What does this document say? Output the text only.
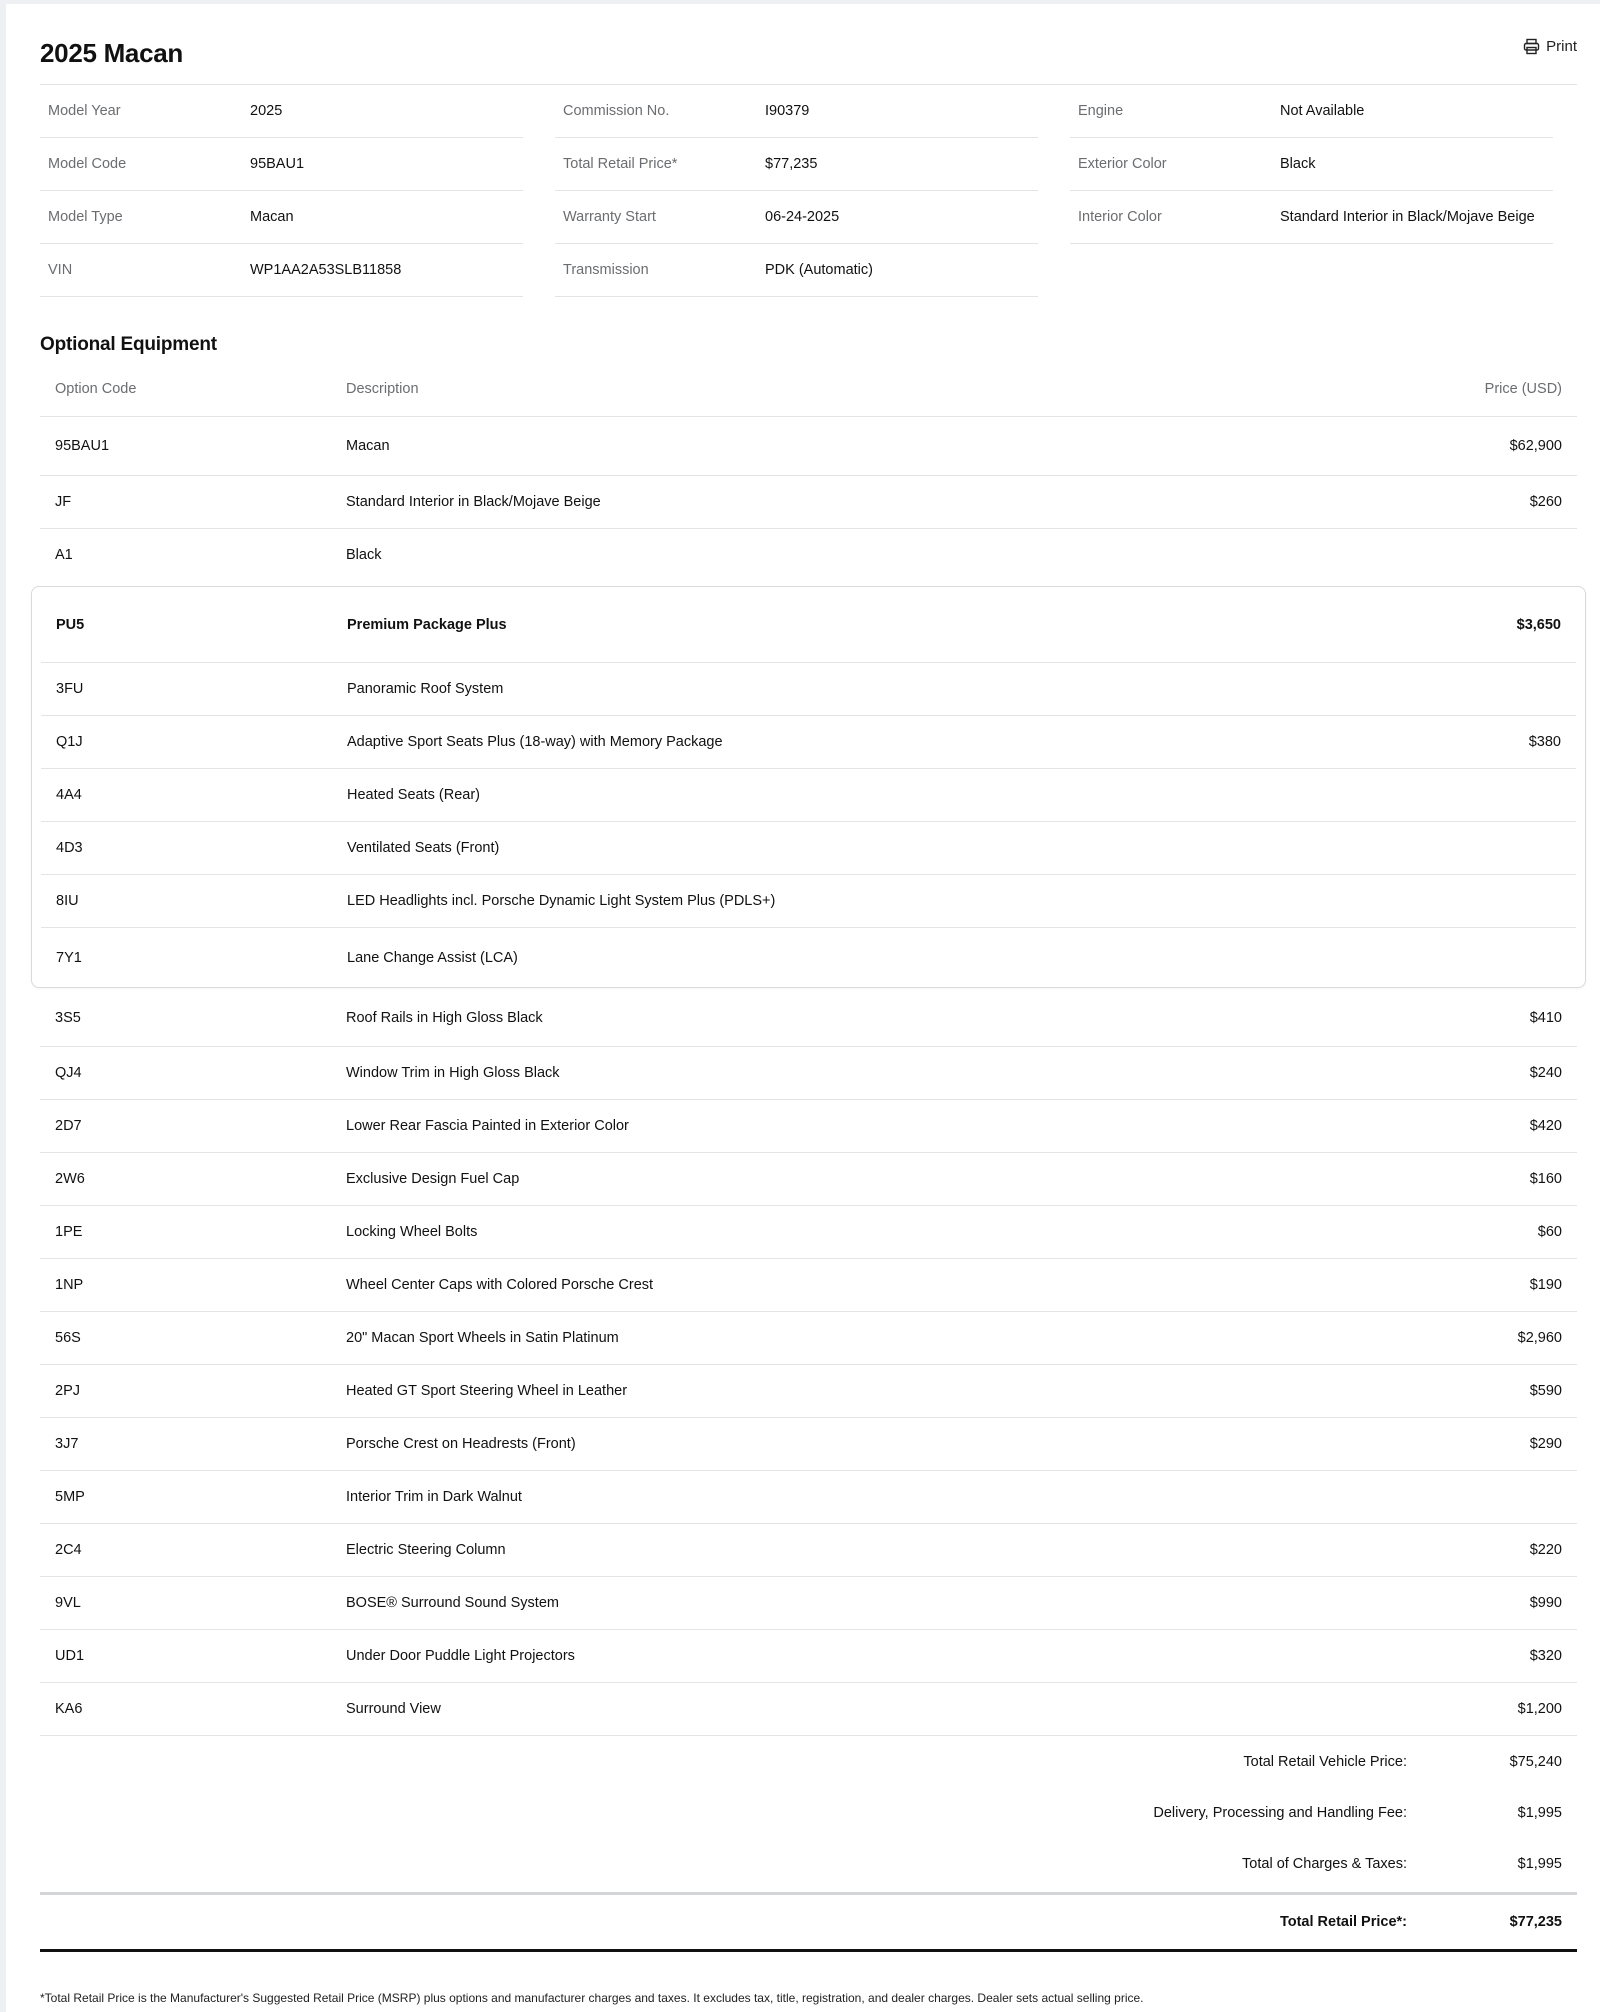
2025 Macan	Print
Model Year	2025
Model Code	95BAU1
Model Type	Macan
VIN	WP1AA2A53SLB11858
Commission No.	I90379
Total Retail Price*	$77,235
Warranty Start	06-24-2025
Transmission	PDK (Automatic)
Engine	Not Available
Exterior Color	Black
Interior Color	Standard Interior in Black/Mojave Beige
Optional Equipment
Option Code	Description	Price (USD)
95BAU1	Macan	$62,900
JF	Standard Interior in Black/Mojave Beige	$260
A1	Black
PU5	Premium Package Plus	$3,650
3FU	Panoramic Roof System
Q1J	Adaptive Sport Seats Plus (18-way) with Memory Package	$380
4A4	Heated Seats (Rear)
4D3	Ventilated Seats (Front)
8IU	LED Headlights incl. Porsche Dynamic Light System Plus (PDLS+)
7Y1	Lane Change Assist (LCA)
3S5	Roof Rails in High Gloss Black	$410
QJ4	Window Trim in High Gloss Black	$240
2D7	Lower Rear Fascia Painted in Exterior Color	$420
2W6	Exclusive Design Fuel Cap	$160
1PE	Locking Wheel Bolts	$60
1NP	Wheel Center Caps with Colored Porsche Crest	$190
56S	20" Macan Sport Wheels in Satin Platinum	$2,960
2PJ	Heated GT Sport Steering Wheel in Leather	$590
3J7	Porsche Crest on Headrests (Front)	$290
5MP	Interior Trim in Dark Walnut
2C4	Electric Steering Column	$220
9VL	BOSE® Surround Sound System	$990
UD1	Under Door Puddle Light Projectors	$320
KA6	Surround View	$1,200
Total Retail Vehicle Price:	$75,240
Delivery, Processing and Handling Fee:	$1,995
Total of Charges & Taxes:	$1,995
Total Retail Price*:	$77,235
*Total Retail Price is the Manufacturer's Suggested Retail Price (MSRP) plus options and manufacturer charges and taxes. It excludes tax, title, registration, and dealer charges. Dealer sets actual selling price.
